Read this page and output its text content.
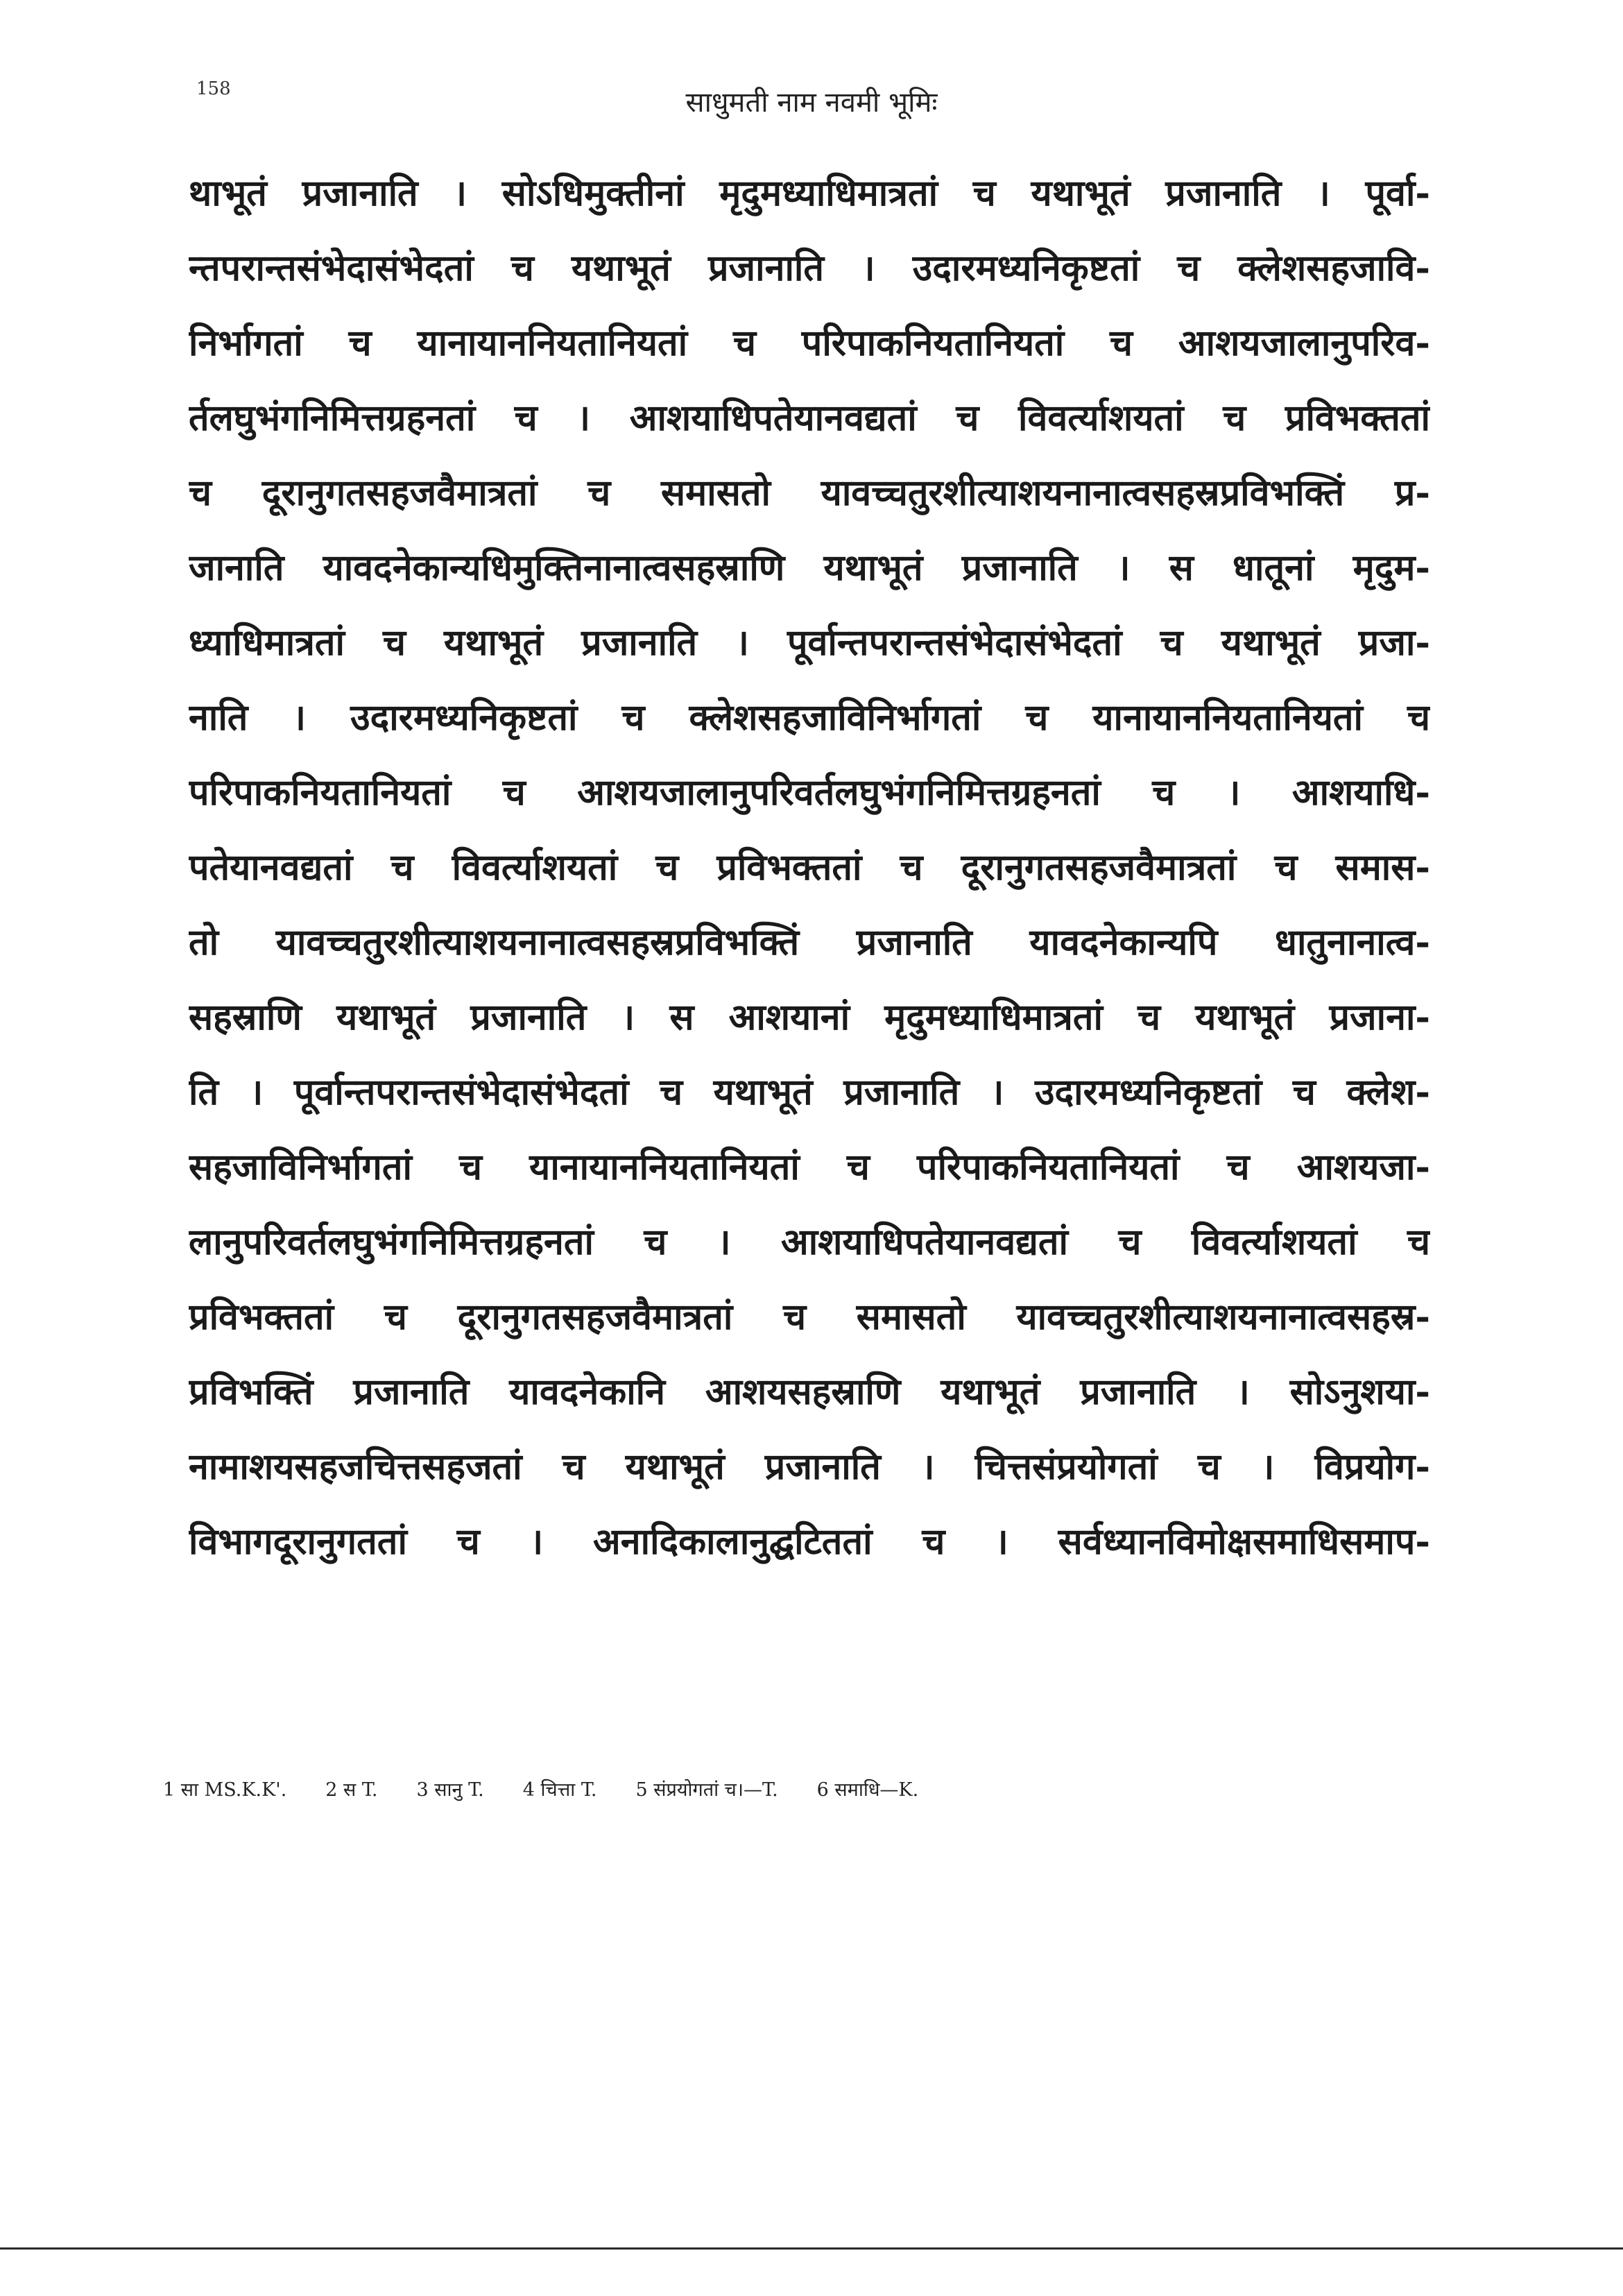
158	साधुमती नाम नवमी भूमिः
थाभूतं प्रजानाति । सोऽधिमुक्तीनां मृदुमध्याधिमात्रतां च यथाभूतं प्रजानाति । पूर्वा-
न्तपरान्तसंभेदासंभेदतां च यथाभूतं प्रजानाति । उदारमध्यनिकृष्टतां च क्लेशसहजावि-
निर्भागतां च यानायाननियतानियतां च परिपाकनियतानियतां च आशयजालानुपरिव-
र्तलघुभंगनिमित्तग्रहनतां च । आशयाधिपतेयानवद्यतां च विवर्त्याशयतां च प्रविभक्ततां
च दूरानुगतसहजवैमात्रतां च समासतो यावच्चतुरशीत्याशयनानात्वसहस्रप्रविभक्तिं प्र-
जानाति यावदनेकान्यधिमुक्तिनानात्वसहस्राणि यथाभूतं प्रजानाति । स धातूनां मृदुम-
ध्याधिमात्रतां च यथाभूतं प्रजानाति । पूर्वान्तपरान्तसंभेदासंभेदतां च यथाभूतं प्रजा-
नाति । उदारमध्यनिकृष्टतां च क्लेशसहजाविनिर्भागतां च यानायाननियतानियतां च
परिपाकनियतानियतां च आशयजालानुपरिवर्तलघुभंगनिमित्तग्रहनतां च । आशयाधि-
पतेयानवद्यतां च विवर्त्याशयतां च प्रविभक्ततां च दूरानुगतसहजवैमात्रतां च समास-
तो यावच्चतुरशीत्याशयनानात्वसहस्रप्रविभक्तिं प्रजानाति यावदनेकान्यपि धातुनानात्व-
सहस्राणि यथाभूतं प्रजानाति । स आशयानां मृदुमध्याधिमात्रतां च यथाभूतं प्रजाना-
ति । पूर्वान्तपरान्तसंभेदासंभेदतां च यथाभूतं प्रजानाति । उदारमध्यनिकृष्टतां च क्लेश-
सहजाविनिर्भागतां च यानायाननियतानियतां च परिपाकनियतानियतां च आशयजा-
लानुपरिवर्तलघुभंगनिमित्तग्रहनतां च । आशयाधिपतेयानवद्यतां च विवर्त्याशयतां च
प्रविभक्ततां च दूरानुगतसहजवैमात्रतां च समासतो यावच्चतुरशीत्याशयनानात्वसहस्र-
प्रविभक्तिं प्रजानाति यावदनेकानि आशयसहस्राणि यथाभूतं प्रजानाति । सोऽनुशया-
नामाशयसहजचित्तसहजतां च यथाभूतं प्रजानाति । चित्तसंप्रयोगतां च । विप्रयोग-
विभागदूरानुगततां च । अनादिकालानुद्घटिततां च । सर्वध्यानविमोक्षसमाधिसमाप-
1 सा MS.K.K'. 2 स T. 3 सानु T. 4 चित्ता T. 5 संप्रयोगतां च।—T. 6 समाधि—K.
